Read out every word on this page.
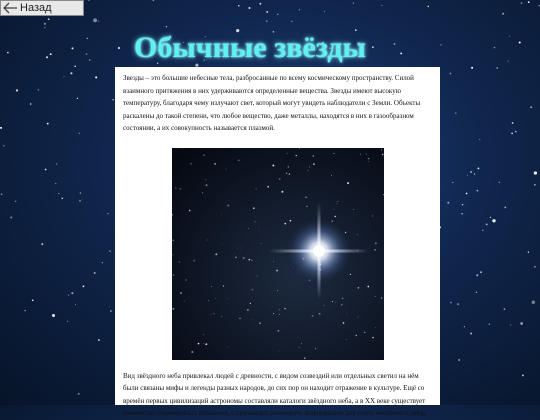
Назад
Обычные звёзды

Звезды – это большие небесные тела, разбросанные по всему космическому пространству. Силой взаимного притяжения в них удерживаются определенные вещества. Звезды имеют высокую температуру, благодаря чему излучают свет, который могут увидеть наблюдатели с Земли. Объекты раскалены до такой степени, что любое вещество, даже металлы, находятся в них в газообразном состоянии, а их совокупность называется плазмой.

Вид звёздного неба привлекал людей с древности, с видом созвездий или отдельных светил на нём были связаны мифы и легенды разных народов, до сих пор он находит отражение в культуре. Ещё со времён первых цивилизаций астрономы составляли каталоги звёздного неба, а в XX веке существует множество современных каталогов, содержащих различную информацию для сотен миллионов звёзд.
